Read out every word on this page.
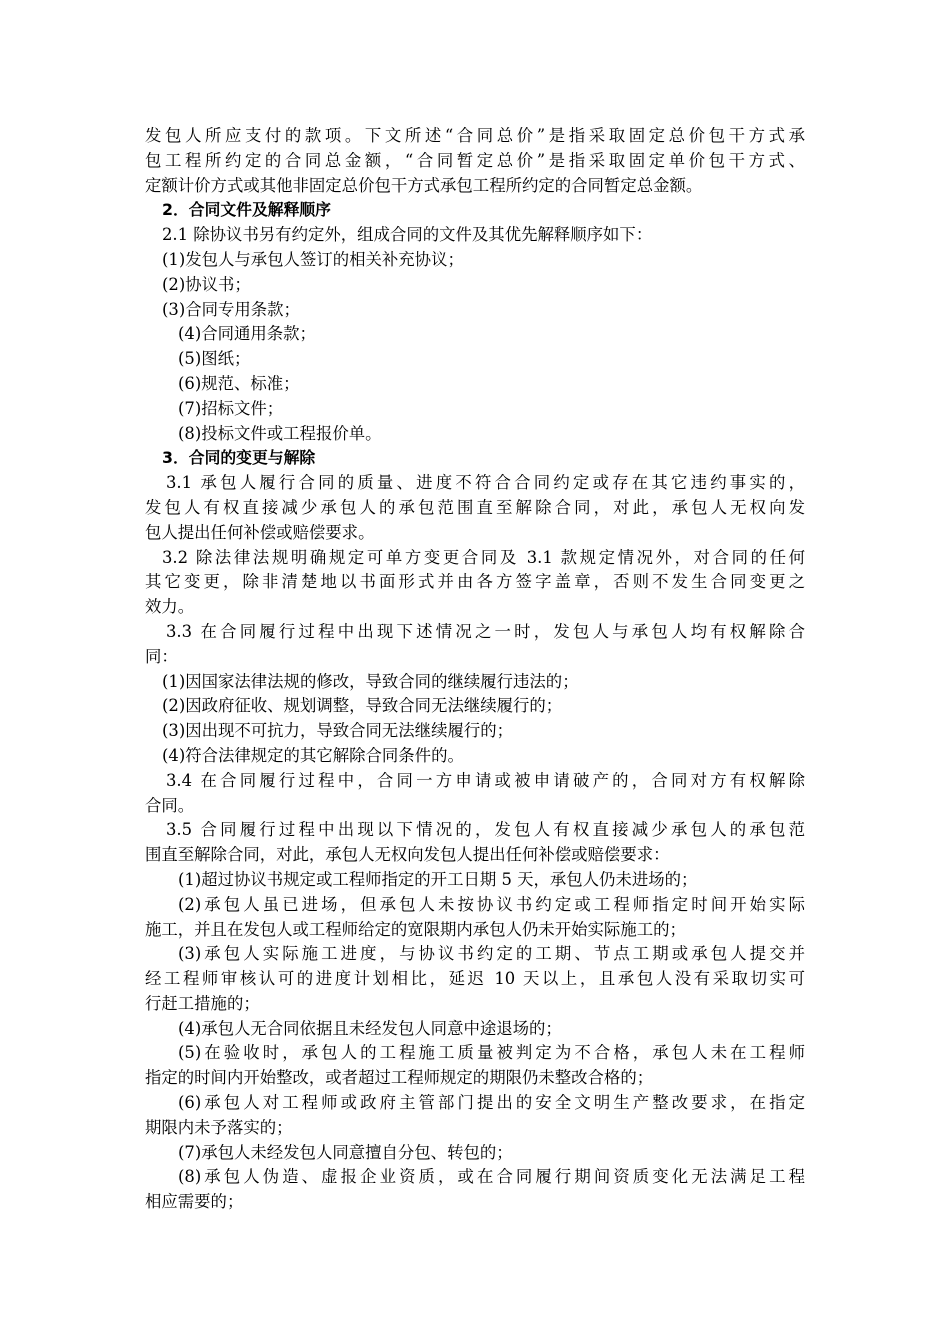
发包人所应支付的款项。下文所述“合同总价”是指采取固定总价包干方式承
包工程所约定的合同总金额，“合同暂定总价”是指采取固定单价包干方式、
定额计价方式或其他非固定总价包干方式承包工程所约定的合同暂定总金额。
2．合同文件及解释顺序
2.1 除协议书另有约定外，组成合同的文件及其优先解释顺序如下：
(1)发包人与承包人签订的相关补充协议；
(2)协议书；
(3)合同专用条款；
(4)合同通用条款；
(5)图纸；
(6)规范、标准；
(7)招标文件；
(8)投标文件或工程报价单。
3．合同的变更与解除
3.1 承包人履行合同的质量、进度不符合合同约定或存在其它违约事实的，
发包人有权直接减少承包人的承包范围直至解除合同，对此，承包人无权向发
包人提出任何补偿或赔偿要求。
3.2 除法律法规明确规定可单方变更合同及 3.1 款规定情况外，对合同的任何
其它变更，除非清楚地以书面形式并由各方签字盖章，否则不发生合同变更之
效力。
3.3 在合同履行过程中出现下述情况之一时，发包人与承包人均有权解除合
同：
(1)因国家法律法规的修改，导致合同的继续履行违法的；
(2)因政府征收、规划调整，导致合同无法继续履行的；
(3)因出现不可抗力，导致合同无法继续履行的；
(4)符合法律规定的其它解除合同条件的。
3.4 在合同履行过程中，合同一方申请或被申请破产的，合同对方有权解除
合同。
3.5 合同履行过程中出现以下情况的，发包人有权直接减少承包人的承包范
围直至解除合同，对此，承包人无权向发包人提出任何补偿或赔偿要求：
(1)超过协议书规定或工程师指定的开工日期 5 天，承包人仍未进场的；
(2)承包人虽已进场，但承包人未按协议书约定或工程师指定时间开始实际
施工，并且在发包人或工程师给定的宽限期内承包人仍未开始实际施工的；
(3)承包人实际施工进度，与协议书约定的工期、节点工期或承包人提交并
经工程师审核认可的进度计划相比，延迟 10 天以上，且承包人没有采取切实可
行赶工措施的；
(4)承包人无合同依据且未经发包人同意中途退场的；
(5)在验收时，承包人的工程施工质量被判定为不合格，承包人未在工程师
指定的时间内开始整改，或者超过工程师规定的期限仍未整改合格的；
(6)承包人对工程师或政府主管部门提出的安全文明生产整改要求，在指定
期限内未予落实的；
(7)承包人未经发包人同意擅自分包、转包的；
(8)承包人伪造、虚报企业资质，或在合同履行期间资质变化无法满足工程
相应需要的；
